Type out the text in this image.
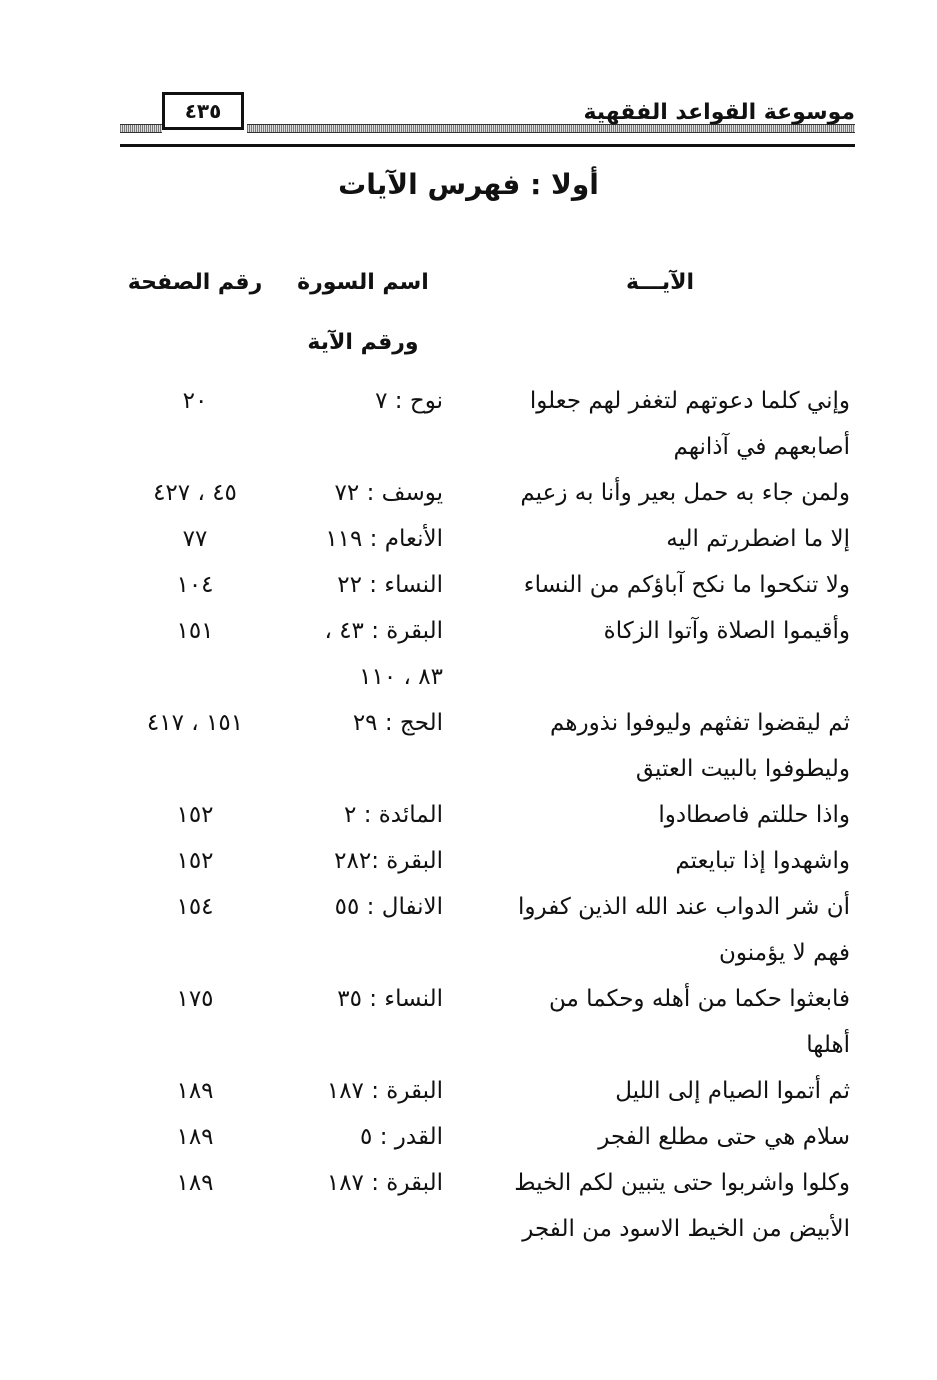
٤٣٥	موسوعة القواعد الفقهية
أولا : فهرس الآيات
الآيـــة
اسم السورة
ورقم الآية
رقم الصفحة
وإني كلما دعوتهم لتغفر لهم جعلوا
نوح : ٧
٢٠
أصابعهم في آذانهم
ولمن جاء به حمل بعير وأنا به زعيم
يوسف : ٧٢
٤٥ ، ٤٢٧
إلا ما اضطررتم اليه
الأنعام : ١١٩
٧٧
ولا تنكحوا ما نكح آباؤكم من النساء
النساء : ٢٢
١٠٤
وأقيموا الصلاة وآتوا الزكاة
البقرة : ٤٣ ،
١٥١
٨٣ ، ١١٠
ثم ليقضوا تفثهم وليوفوا نذورهم
الحج : ٢٩
١٥١ ، ٤١٧
وليطوفوا بالبيت العتيق
واذا حللتم فاصطادوا
المائدة : ٢
١٥٢
واشهدوا إذا تبايعتم
البقرة :٢٨٢
١٥٢
أن شر الدواب عند الله الذين كفروا
الانفال : ٥٥
١٥٤
فهم لا يؤمنون
فابعثوا حكما من أهله وحكما من
النساء : ٣٥
١٧٥
أهلها
ثم أتموا الصيام إلى الليل
البقرة : ١٨٧
١٨٩
سلام هي حتى مطلع الفجر
القدر : ٥
١٨٩
وكلوا واشربوا حتى يتبين لكم الخيط
البقرة : ١٨٧
١٨٩
الأبيض من الخيط الاسود من الفجر
